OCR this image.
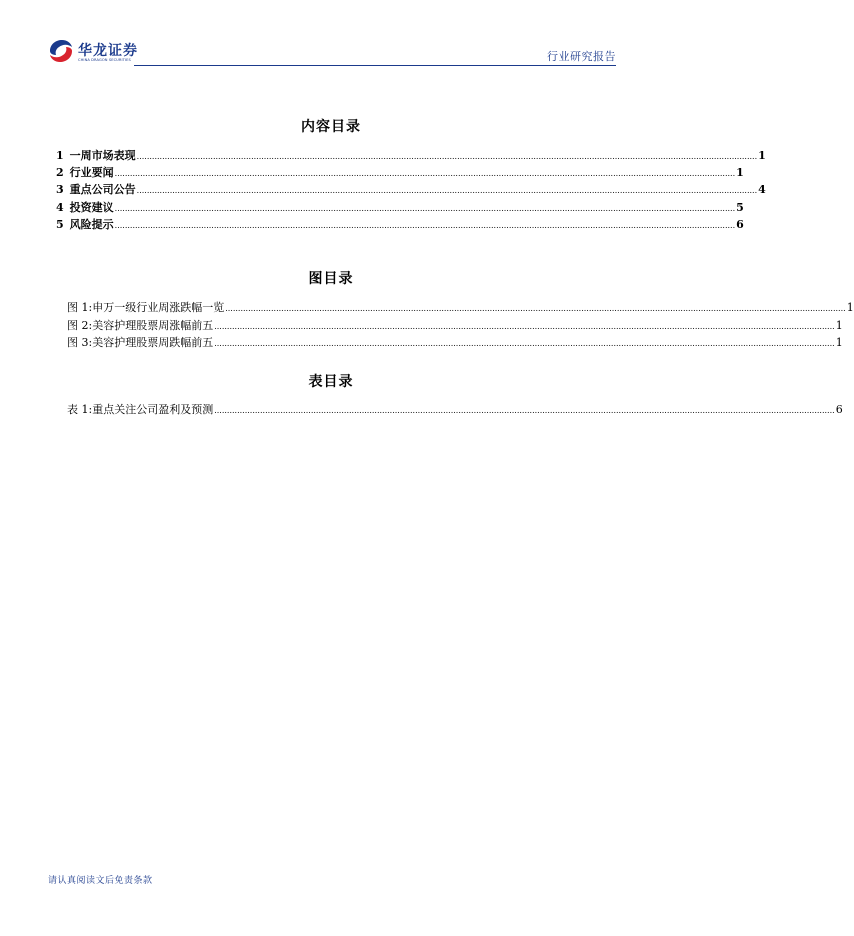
华龙证券
CHINA DRAGON SECURITIES	行业研究报告
内容目录
1 一周市场表现 .................................................................................................................................................................................................................................................... 1
2 行业要闻 .................................................................................................................................................................................................................................................... 1
3 重点公司公告 .................................................................................................................................................................................................................................................... 4
4 投资建议 .................................................................................................................................................................................................................................................... 5
5 风险提示 .................................................................................................................................................................................................................................................... 6
图目录
图 1: 申万一级行业周涨跌幅一览 .................................................................................................................................................................................................................................................... 1
图 2: 美容护理股票周涨幅前五 .................................................................................................................................................................................................................................................... 1
图 3: 美容护理股票周跌幅前五 .................................................................................................................................................................................................................................................... 1
表目录
表 1: 重点关注公司盈利及预测 .................................................................................................................................................................................................................................................... 6
请认真阅读文后免责条款
